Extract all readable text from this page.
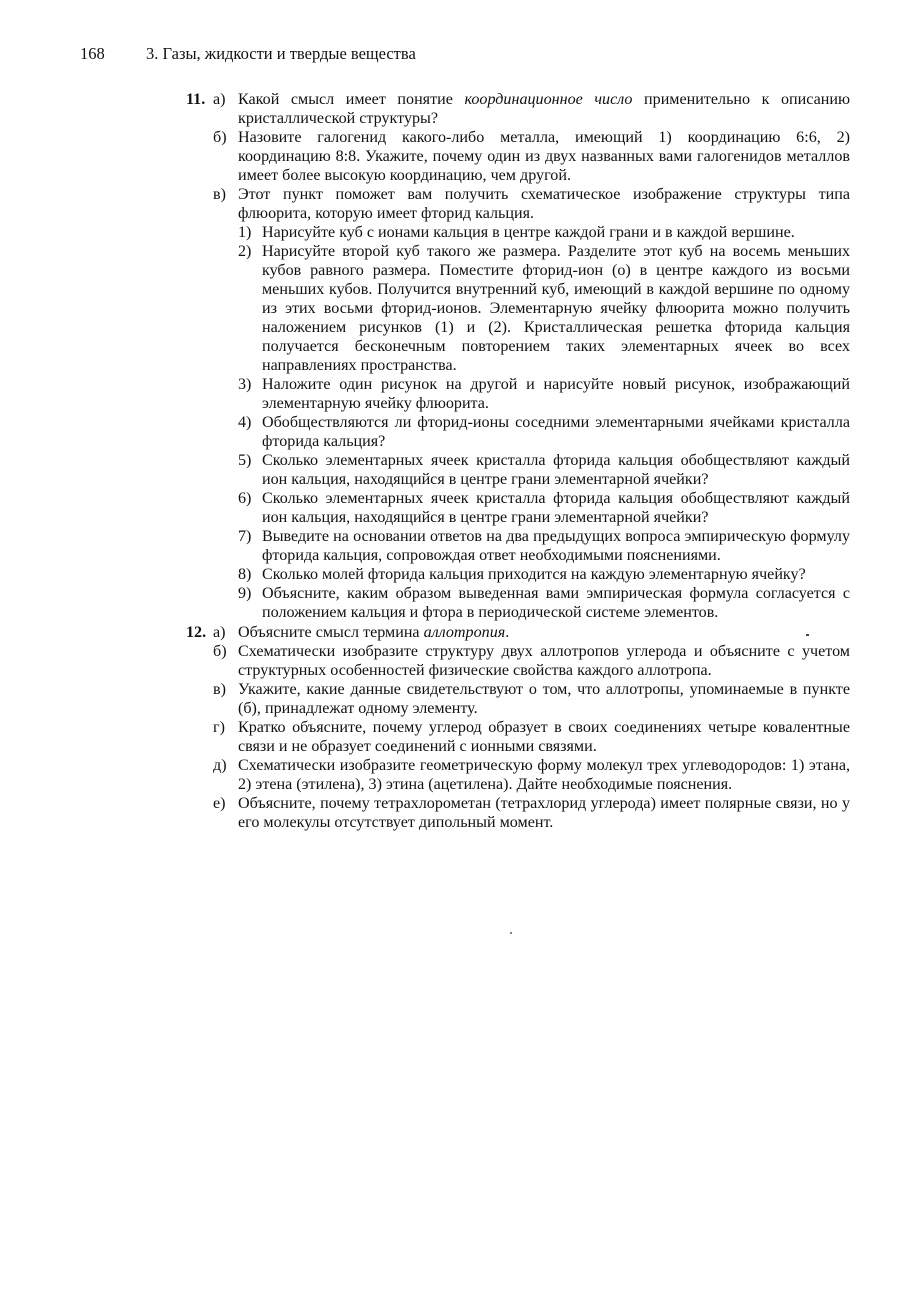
168	3. Газы, жидкости и твердые вещества
11. а) Какой смысл имеет понятие координационное число применительно к описанию кристаллической структуры?
б) Назовите галогенид какого-либо металла, имеющий 1) координацию 6:6, 2) координацию 8:8. Укажите, почему один из двух названных вами галогенидов металлов имеет более высокую координацию, чем другой.
в) Этот пункт поможет вам получить схематическое изображение структуры типа флюорита, которую имеет фторид кальция.
1) Нарисуйте куб с ионами кальция в центре каждой грани и в каждой вершине.
2) Нарисуйте второй куб такого же размера. Разделите этот куб на восемь меньших кубов равного размера. Поместите фторид-ион (о) в центре каждого из восьми меньших кубов. Получится внутренний куб, имеющий в каждой вершине по одному из этих восьми фторид-ионов. Элементарную ячейку флюорита можно получить наложением рисунков (1) и (2). Кристаллическая решетка фторида кальция получается бесконечным повторением таких элементарных ячеек во всех направлениях пространства.
3) Наложите один рисунок на другой и нарисуйте новый рисунок, изображающий элементарную ячейку флюорита.
4) Обобществляются ли фторид-ионы соседними элементарными ячейками кристалла фторида кальция?
5) Сколько элементарных ячеек кристалла фторида кальция обобществляют каждый ион кальция, находящийся в центре грани элементарной ячейки?
6) Сколько элементарных ячеек кристалла фторида кальция обобществляют каждый ион кальция, находящийся в центре грани элементарной ячейки?
7) Выведите на основании ответов на два предыдущих вопроса эмпирическую формулу фторида кальция, сопровождая ответ необходимыми пояснениями.
8) Сколько молей фторида кальция приходится на каждую элементарную ячейку?
9) Объясните, каким образом выведенная вами эмпирическая формула согласуется с положением кальция и фтора в периодической системе элементов.
12. а) Объясните смысл термина аллотропия.
б) Схематически изобразите структуру двух аллотропов углерода и объясните с учетом структурных особенностей физические свойства каждого аллотропа.
в) Укажите, какие данные свидетельствуют о том, что аллотропы, упоминаемые в пункте (б), принадлежат одному элементу.
г) Кратко объясните, почему углерод образует в своих соединениях четыре ковалентные связи и не образует соединений с ионными связями.
д) Схематически изобразите геометрическую форму молекул трех углеводородов: 1) этана, 2) этена (этилена), 3) этина (ацетилена). Дайте необходимые пояснения.
е) Объясните, почему тетрахлорометан (тетрахлорид углерода) имеет полярные связи, но у его молекулы отсутствует дипольный момент.
